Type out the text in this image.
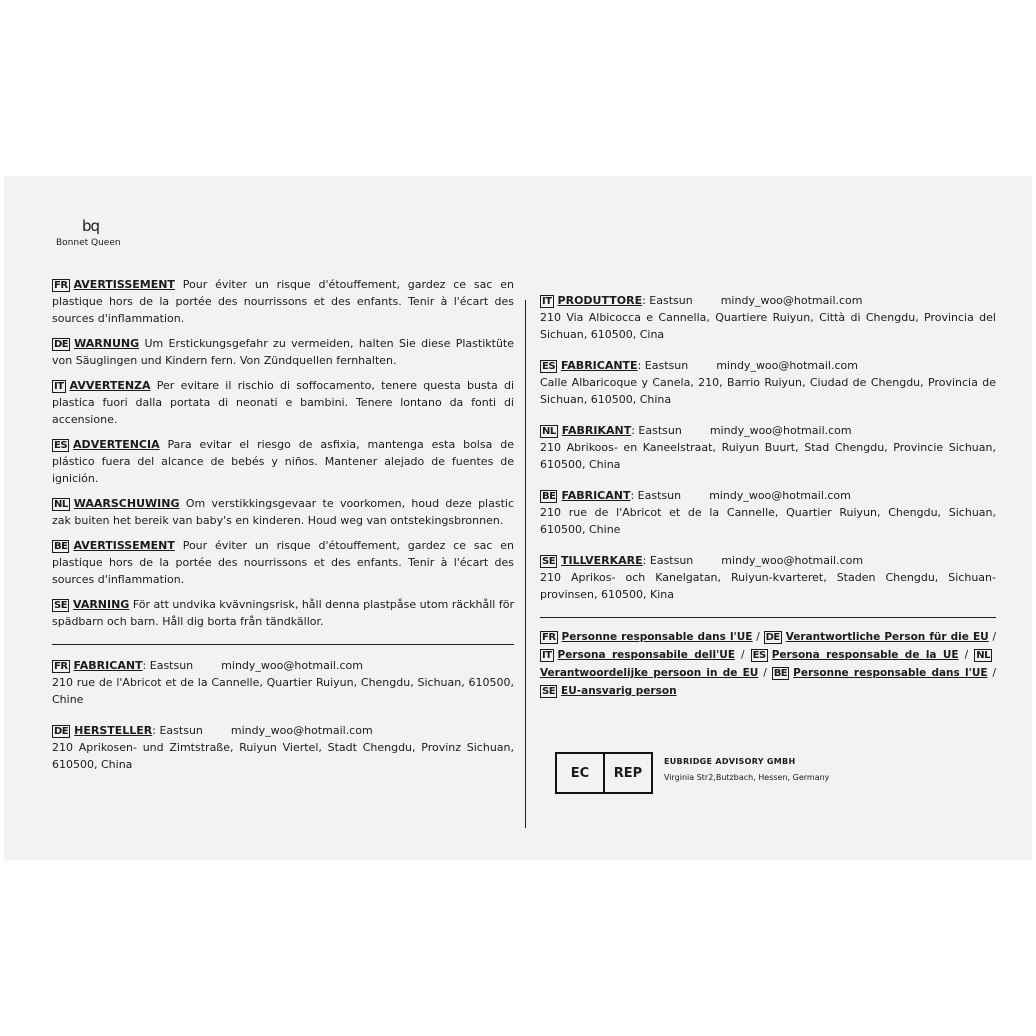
bq
Bonnet Queen
FR AVERTISSEMENT Pour éviter un risque d'étouffement, gardez ce sac en plastique hors de la portée des nourrissons et des enfants. Tenir à l'écart des sources d'inflammation.
DE WARNUNG Um Erstickungsgefahr zu vermeiden, halten Sie diese Plastiktüte von Säuglingen und Kindern fern. Von Zündquellen fernhalten.
IT AVVERTENZA Per evitare il rischio di soffocamento, tenere questa busta di plastica fuori dalla portata di neonati e bambini. Tenere lontano da fonti di accensione.
ES ADVERTENCIA Para evitar el riesgo de asfixia, mantenga esta bolsa de plástico fuera del alcance de bebés y niños. Mantener alejado de fuentes de ignición.
NL WAARSCHUWING Om verstikkingsgevaar te voorkomen, houd deze plastic zak buiten het bereik van baby's en kinderen. Houd weg van ontstekingsbronnen.
BE AVERTISSEMENT Pour éviter un risque d'étouffement, gardez ce sac en plastique hors de la portée des nourrissons et des enfants. Tenir à l'écart des sources d'inflammation.
SE VARNING För att undvika kvävningsrisk, håll denna plastpåse utom räckhåll för spädbarn och barn. Håll dig borta från tändkällor.
FR FABRICANT: Eastsun	mindy_woo@hotmail.com
210 rue de l'Abricot et de la Cannelle, Quartier Ruiyun, Chengdu, Sichuan, 610500, Chine
DE HERSTELLER: Eastsun	mindy_woo@hotmail.com
210 Aprikosen- und Zimtstraße, Ruiyun Viertel, Stadt Chengdu, Provinz Sichuan, 610500, China
IT PRODUTTORE: Eastsun	mindy_woo@hotmail.com
210 Via Albicocca e Cannella, Quartiere Ruiyun, Città di Chengdu, Provincia del Sichuan, 610500, Cina
ES FABRICANTE: Eastsun	mindy_woo@hotmail.com
Calle Albaricoque y Canela, 210, Barrio Ruiyun, Ciudad de Chengdu, Provincia de Sichuan, 610500, China
NL FABRIKANT: Eastsun	mindy_woo@hotmail.com
210 Abrikoos- en Kaneelstraat, Ruiyun Buurt, Stad Chengdu, Provincie Sichuan, 610500, China
BE FABRICANT: Eastsun	mindy_woo@hotmail.com
210 rue de l'Abricot et de la Cannelle, Quartier Ruiyun, Chengdu, Sichuan, 610500, Chine
SE TILLVERKARE: Eastsun	mindy_woo@hotmail.com
210 Aprikos- och Kanelgatan, Ruiyun-kvarteret, Staden Chengdu, Sichuan-provinsen, 610500, Kina
FR Personne responsable dans l'UE / DE Verantwortliche Person für die EU / IT Persona responsabile dell'UE / ES Persona responsable de la UE / NLVerantwoordelijke persoon in de EU / BE Personne responsable dans l'UE / SE EU-ansvarig person
EC	REP
EUBRIDGE ADVISORY GMBH
Virginia Str2,Butzbach, Hessen, Germany
